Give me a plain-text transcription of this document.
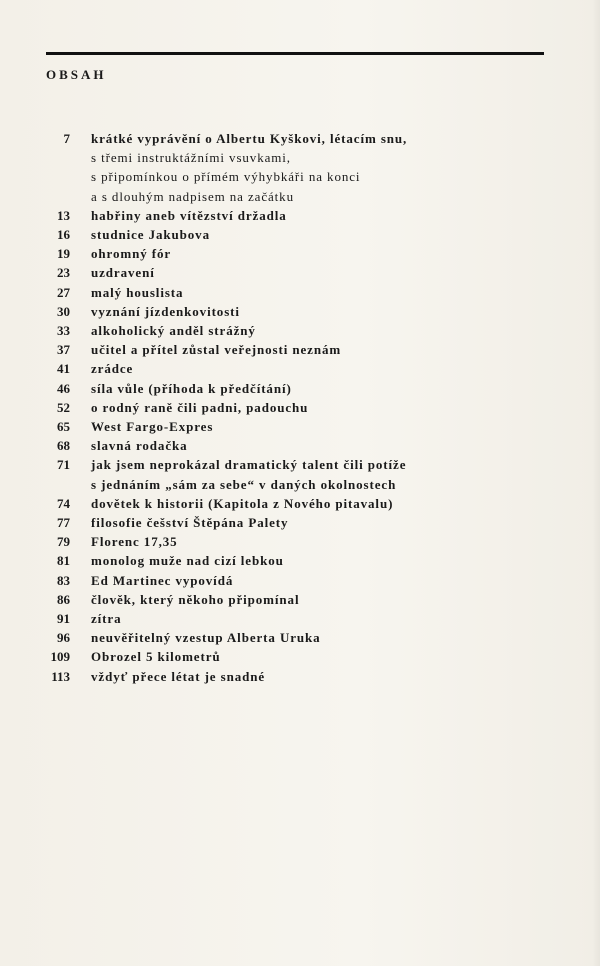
OBSAH
7 krátké vyprávění o Albertu Kyškovi, létacím snu,
s třemi instruktážními vsuvkami,
s připomínkou o přímém výhybkáři na konci
a s dlouhým nadpisem na začátku
13 habřiny aneb vítězství držadla
16 studnice Jakubova
19 ohromný fór
23 uzdravení
27 malý houslista
30 vyznání jízdenkovitosti
33 alkoholický anděl strážný
37 učitel a přítel zůstal veřejnosti neznám
41 zrádce
46 síla vůle (příhoda k předčítání)
52 o rodný raně čili padni, padouchu
65 West Fargo-Expres
68 slavná rodačka
71 jak jsem neprokázal dramatický talent čili potíže
s jednáním „sám za sebe“ v daných okolnostech
74 dovětek k historii (Kapitola z Nového pitavalu)
77 filosofie češství Štěpána Palety
79 Florenc 17,35
81 monolog muže nad cizí lebkou
83 Ed Martinec vypovídá
86 člověk, který někoho připomínal
91 zítra
96 neuvěřitelný vzestup Alberta Uruka
109 Obrozel 5 kilometrů
113 vždyť přece létat je snadné
